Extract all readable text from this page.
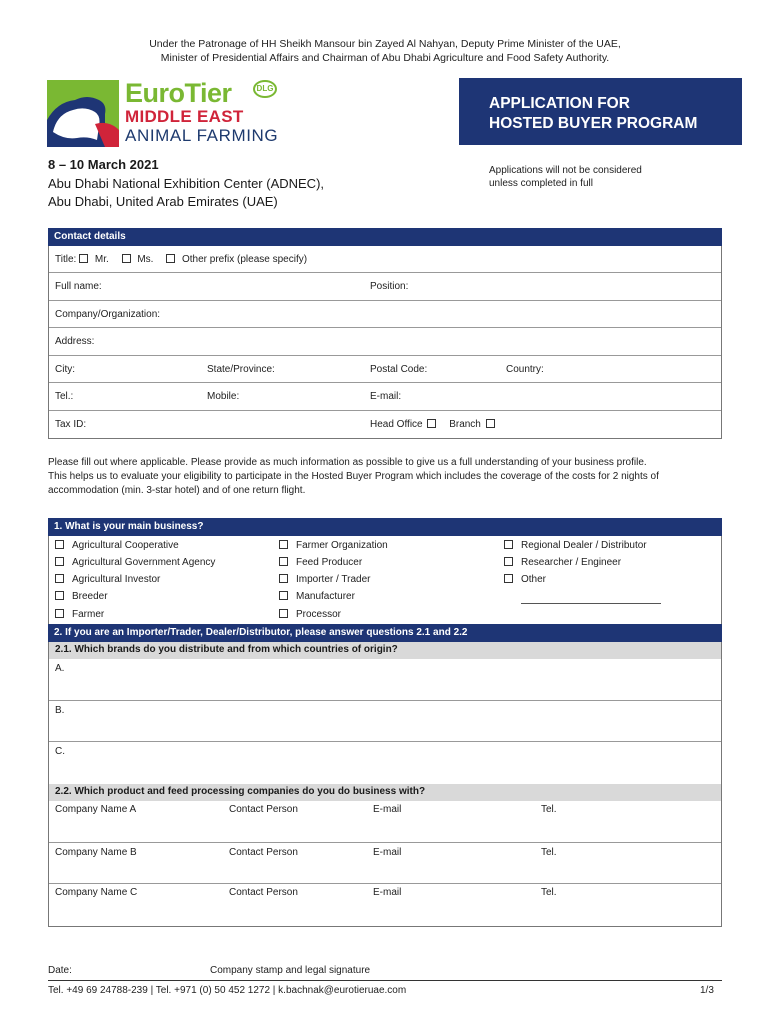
Under the Patronage of HH Sheikh Mansour bin Zayed Al Nahyan, Deputy Prime Minister of the UAE,
Minister of Presidential Affairs and Chairman of Abu Dhabi Agriculture and Food Safety Authority.
EuroTier	DLG
MIDDLE EAST
ANIMAL FARMING
APPLICATION FOR
HOSTED BUYER PROGRAM
8 – 10 March 2021
Abu Dhabi National Exhibition Center (ADNEC),
Abu Dhabi, United Arab Emirates (UAE)
Applications will not be considered
unless completed in full
Contact details
Title: Mr.	Ms.	Other prefix (please specify)
Full name:	Position:
Company/Organization:
Address:
City:	State/Province:	Postal Code:	Country:
Tel.:	Mobile:	E-mail:
Tax ID:	Head Office	Branch
Please fill out where applicable. Please provide as much information as possible to give us a full understanding of your business profile.
This helps us to evaluate your eligibility to participate in the Hosted Buyer Program which includes the coverage of the costs for 2 nights of
accommodation (min. 3-star hotel) and of one return flight.
1. What is your main business?
Agricultural Cooperative
Agricultural Government Agency
Agricultural Investor
Breeder
Farmer
Farmer Organization
Feed Producer
Importer / Trader
Manufacturer
Processor
Regional Dealer / Distributor
Researcher / Engineer
Other
2. If you are an Importer/Trader, Dealer/Distributor, please answer questions 2.1 and 2.2
2.1. Which brands do you distribute and from which countries of origin?
A.
B.
C.
2.2. Which product and feed processing companies do you do business with?
Company Name A	Contact Person	E-mail	Tel.
Company Name B	Contact Person	E-mail	Tel.
Company Name C	Contact Person	E-mail	Tel.
Date:	Company stamp and legal signature
Tel. +49 69 24788-239 | Tel. +971 (0) 50 452 1272 | k.bachnak@eurotieruae.com	1/3
